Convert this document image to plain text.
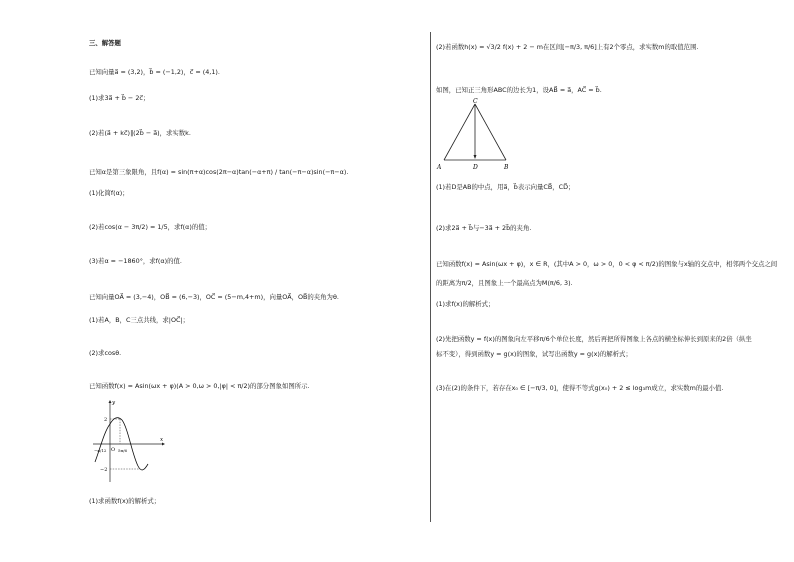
三、解答题
已知向量a⃗ = (3,2)，b⃗ = (−1,2)，c⃗ = (4,1).
(1)求3a⃗ + b⃗ − 2c⃗；
(2)若(a⃗ + kc⃗)∥(2b⃗ − a⃗)，求实数k.
已知α是第三象限角，且f(α) = sin(π+α)cos(2π−α)tan(−α+π) / tan(−π−α)sin(−π−α).
(1)化简f(α)；
(2)若cos(α − 3π/2) = 1/5，求f(α)的值；
(3)若α = −1860°，求f(α)的值.
已知向量OA⃗ = (3,−4)，OB⃗ = (6,−3)，OC⃗ = (5−m,4+m)，向量OA⃗，OB⃗的夹角为θ.
(1)若A，B，C三点共线，求|OC⃗|；
(2)求cosθ.
已知函数f(x) = Asin(ωx + φ)(A > 0,ω > 0,|φ| < π/2)的部分图象如图所示.
y
x
O
2
−2
−π/12	5π/6
(1)求函数f(x)的解析式；
(2)若函数h(x) = √3/2 f(x) + 2 − m在区间[−π/3, π/6]上有2个零点，求实数m的取值范围.
如图，已知正三角形ABC的边长为1，设AB⃗ = a⃗，AC⃗ = b⃗.
C
A	D	B
(1)若D是AB的中点，用a⃗，b⃗表示向量CB⃗，CD⃗；
(2)求2a⃗ + b⃗与−3a⃗ + 2b⃗的夹角.
已知函数f(x) = Asin(ωx + φ)，x ∈ R，(其中A > 0，ω > 0，0 < φ < π/2)的图象与x轴的交点中，相邻两个交点之间
的距离为π/2，且图象上一个最高点为M(π/6, 3).
(1)求f(x)的解析式；
(2)先把函数y = f(x)的图象向左平移π/6个单位长度，然后再把所得图象上各点的横坐标伸长到原来的2倍（纵坐
标不变），得到函数y = g(x)的图象，试写出函数y = g(x)的解析式；
(3)在(2)的条件下，若存在x₀ ∈ [−π/3, 0]，使得不等式g(x₀) + 2 ≤ log₃m成立，求实数m的最小值.
